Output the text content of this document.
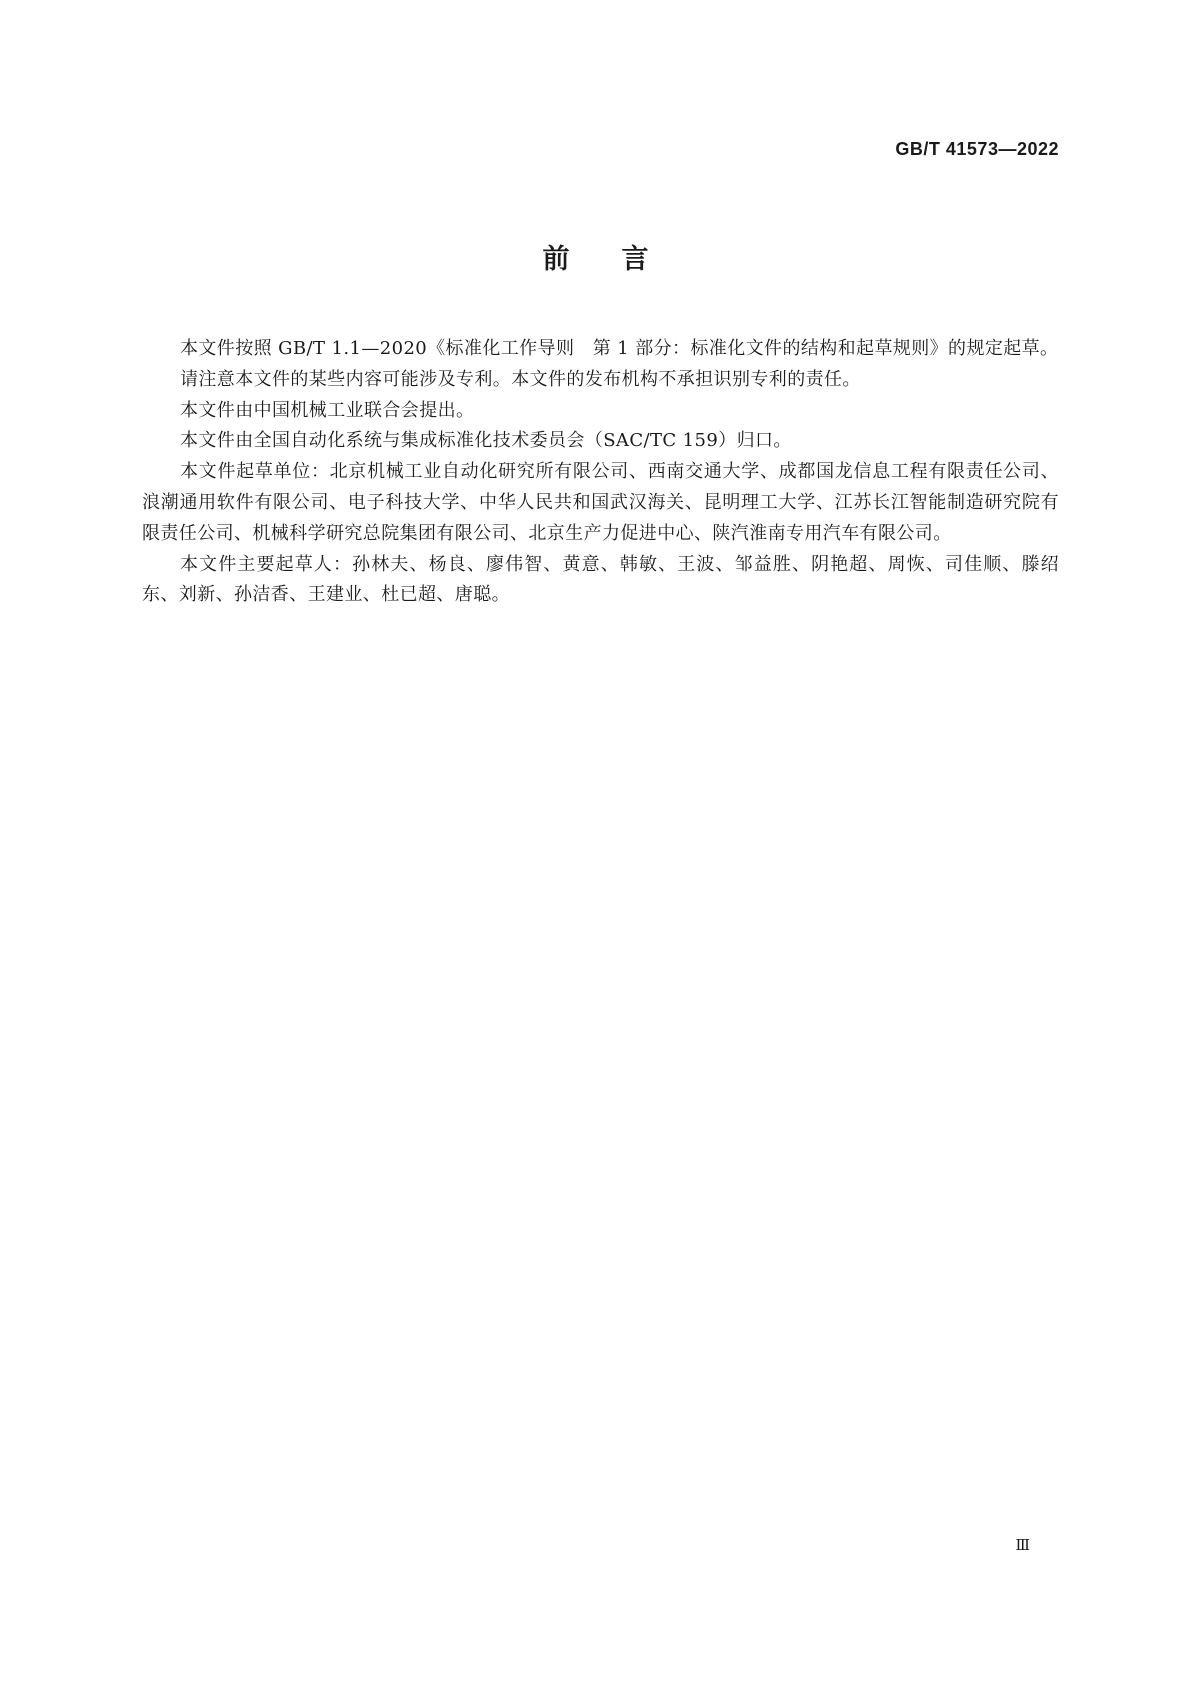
GB/T 41573—2022
前言

本文件按照 GB/T 1.1—2020《标准化工作导则　第 1 部分：标准化文件的结构和起草规则》的规定起草。

请注意本文件的某些内容可能涉及专利。本文件的发布机构不承担识别专利的责任。

本文件由中国机械工业联合会提出。

本文件由全国自动化系统与集成标准化技术委员会（SAC/TC 159）归口。

本文件起草单位：北京机械工业自动化研究所有限公司、西南交通大学、成都国龙信息工程有限责任公司、浪潮通用软件有限公司、电子科技大学、中华人民共和国武汉海关、昆明理工大学、江苏长江智能制造研究院有限责任公司、机械科学研究总院集团有限公司、北京生产力促进中心、陕汽淮南专用汽车有限公司。

本文件主要起草人：孙林夫、杨良、廖伟智、黄意、韩敏、王波、邹益胜、阴艳超、周恢、司佳顺、滕绍东、刘新、孙洁香、王建业、杜已超、唐聪。

Ⅲ
